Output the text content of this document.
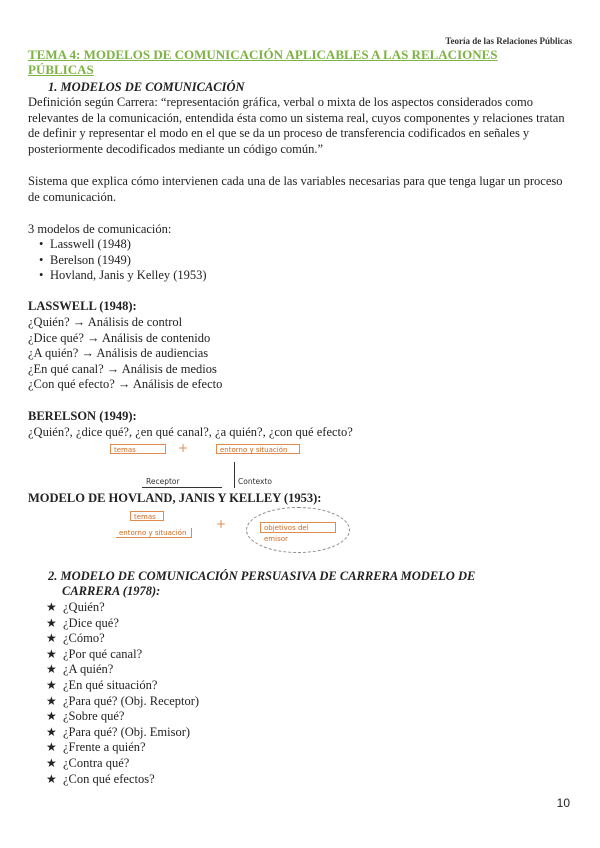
Teoría de las Relaciones Públicas
TEMA 4: MODELOS DE COMUNICACIÓN APLICABLES A LAS RELACIONES PÚBLICAS
1. MODELOS DE COMUNICACIÓN
Definición según Carrera: “representación gráfica, verbal o mixta de los aspectos considerados como relevantes de la comunicación, entendida ésta como un sistema real, cuyos componentes y relaciones tratan de definir y representar el modo en el que se da un proceso de transferencia codificados en señales y posteriormente decodificados mediante un código común.”
Sistema que explica cómo intervienen cada una de las variables necesarias para que tenga lugar un proceso de comunicación.
3 modelos de comunicación:
• Lasswell (1948)
• Berelson (1949)
• Hovland, Janis y Kelley (1953)
LASSWELL (1948):
¿Quién? → Análisis de control
¿Dice qué? → Análisis de contenido
¿A quién? → Análisis de audiencias
¿En qué canal? → Análisis de medios
¿Con qué efecto? → Análisis de efecto
BERELSON (1949):
¿Quién?, ¿dice qué?, ¿en qué canal?, ¿a quién?, ¿con qué efecto?
temas	+	entorno y situación
Receptor	Contexto
MODELO DE HOVLAND, JANIS Y KELLEY (1953):
temas
entorno y situación
+	objetivos del emisor
2. MODELO DE COMUNICACIÓN PERSUASIVA DE CARRERA MODELO DE
CARRERA (1978):
★ ¿Quién?
★ ¿Dice qué?
★ ¿Cómo?
★ ¿Por qué canal?
★ ¿A quién?
★ ¿En qué situación?
★ ¿Para qué? (Obj. Receptor)
★ ¿Sobre qué?
★ ¿Para qué? (Obj. Emisor)
★ ¿Frente a quién?
★ ¿Contra qué?
★ ¿Con qué efectos?
10
